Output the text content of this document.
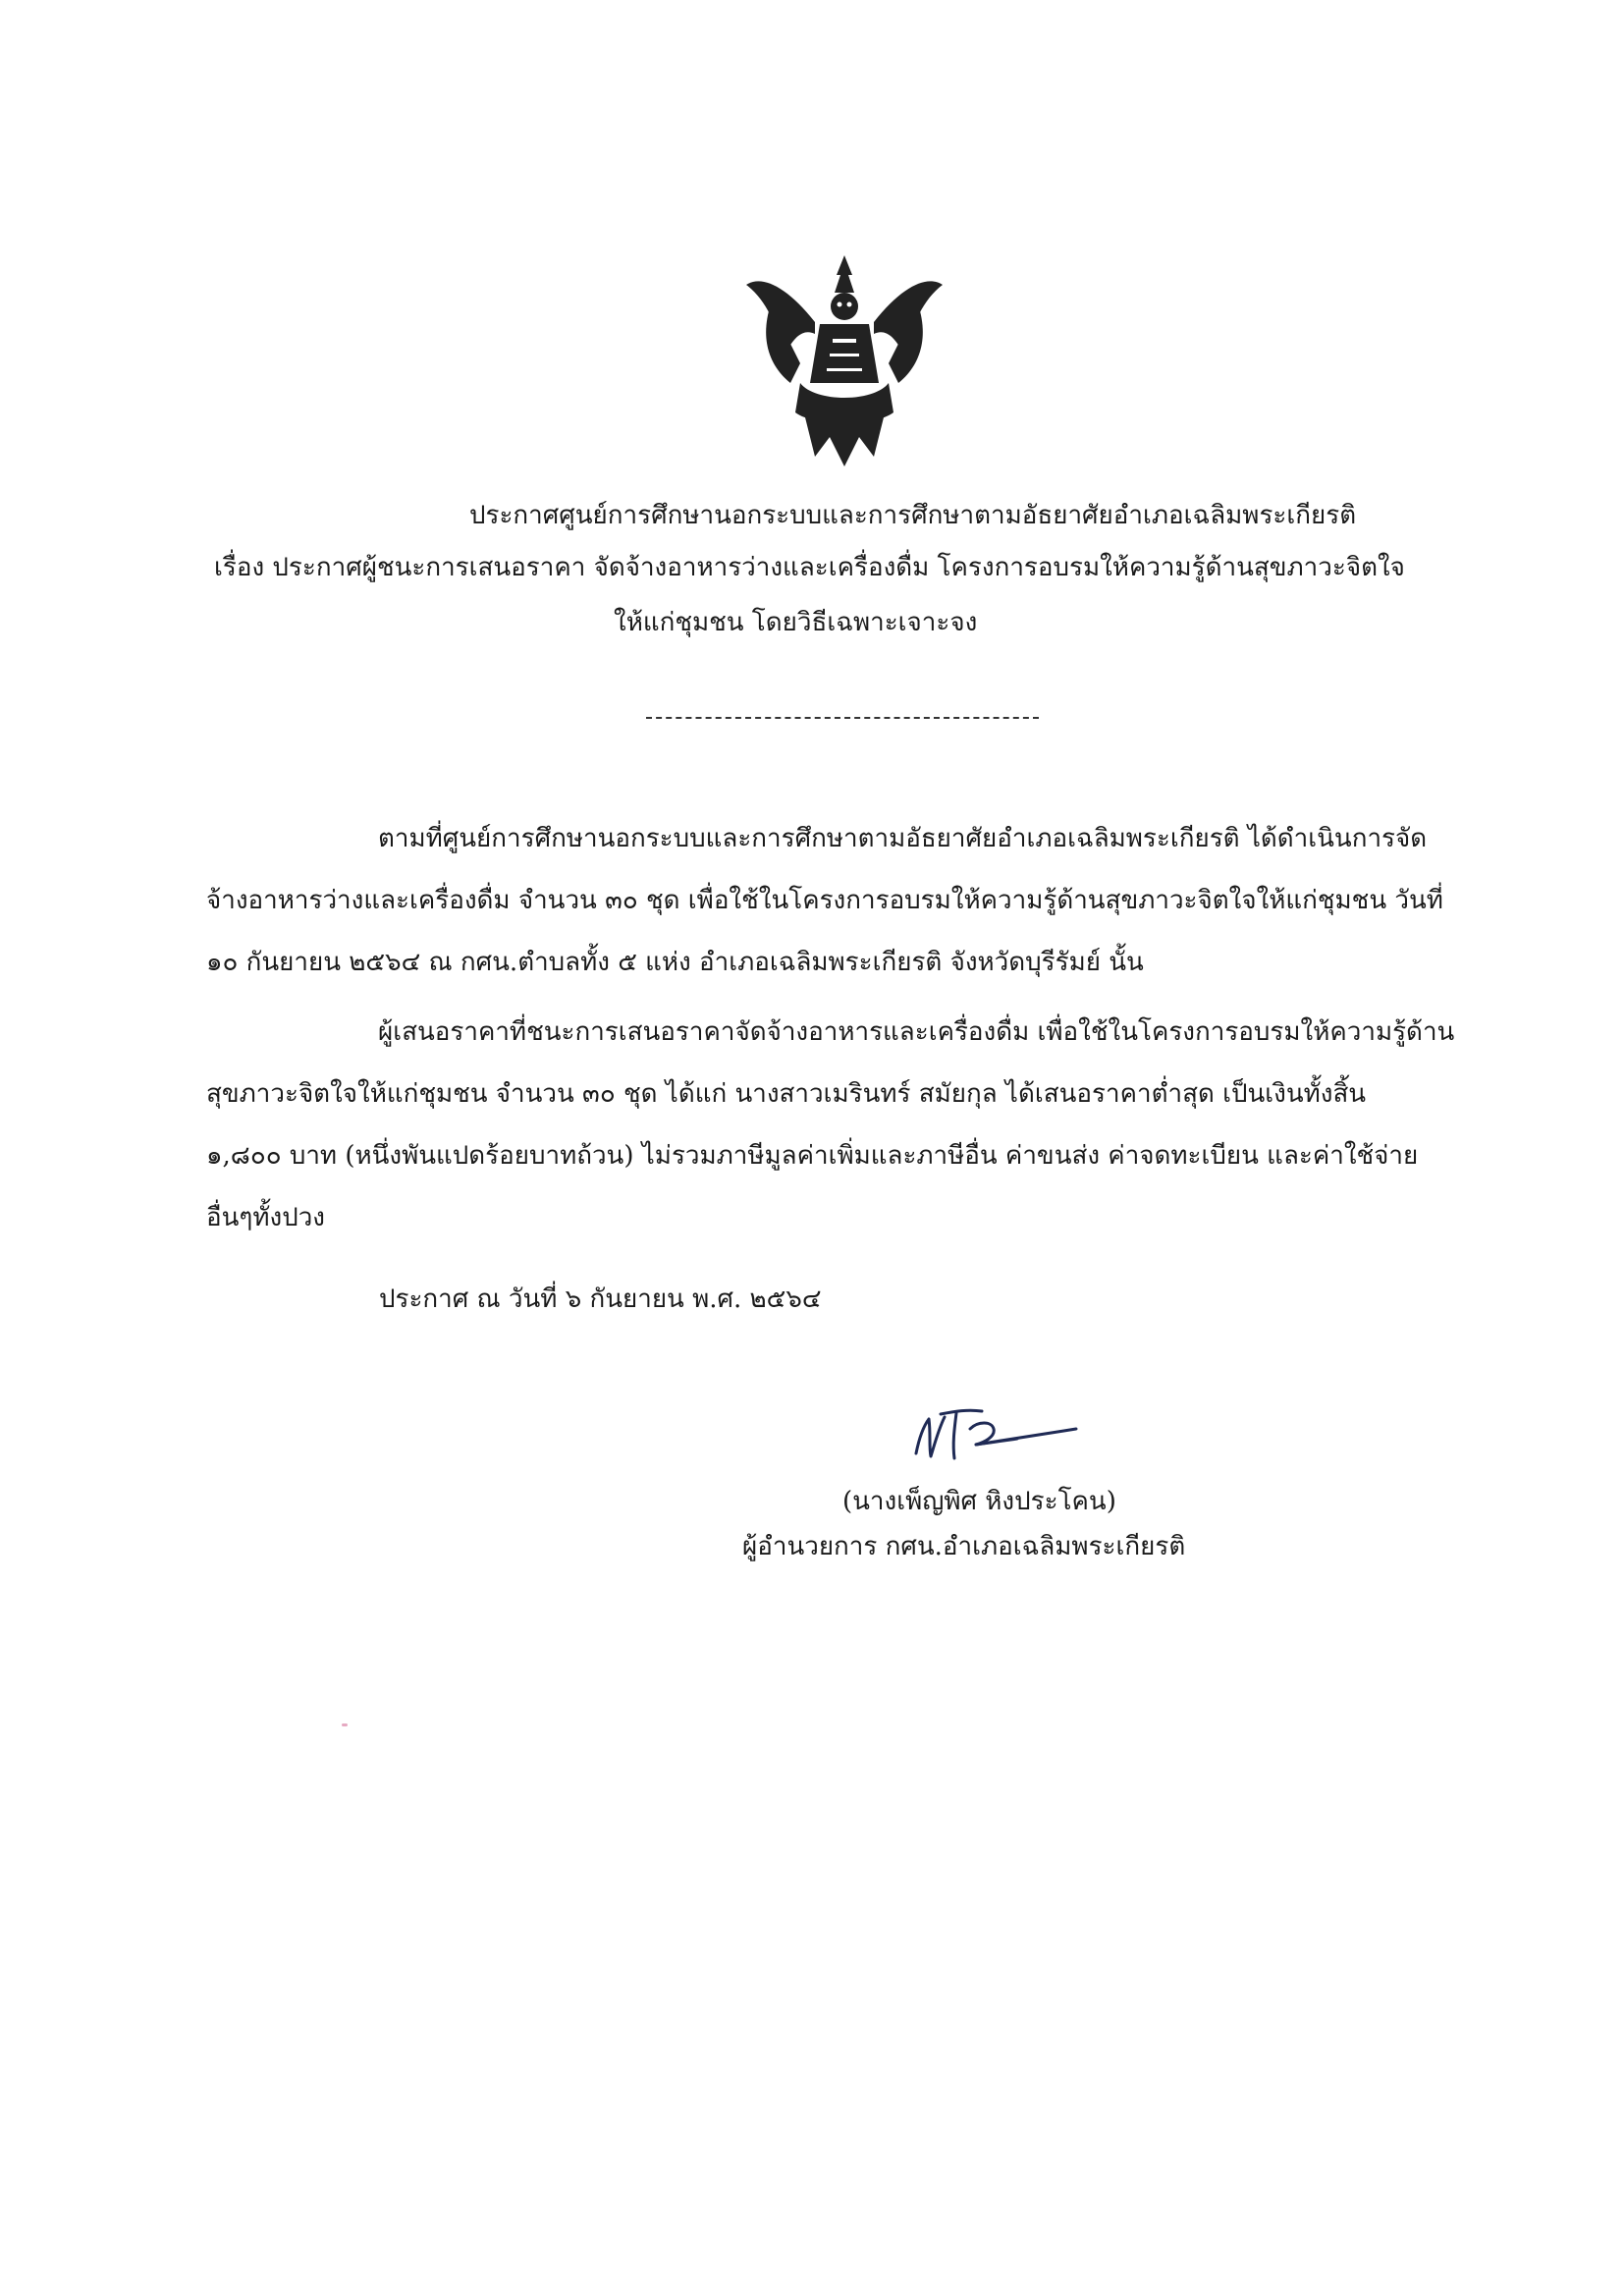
ประกาศศูนย์การศึกษานอกระบบและการศึกษาตามอัธยาศัยอำเภอเฉลิมพระเกียรติ
เรื่อง ประกาศผู้ชนะการเสนอราคา จัดจ้างอาหารว่างและเครื่องดื่ม โครงการอบรมให้ความรู้ด้านสุขภาวะจิตใจ
ให้แก่ชุมชน โดยวิธีเฉพาะเจาะจง
ตามที่ศูนย์การศึกษานอกระบบและการศึกษาตามอัธยาศัยอำเภอเฉลิมพระเกียรติ ได้ดำเนินการจัด
จ้างอาหารว่างและเครื่องดื่ม จำนวน ๓๐ ชุด เพื่อใช้ในโครงการอบรมให้ความรู้ด้านสุขภาวะจิตใจให้แก่ชุมชน วันที่
๑๐ กันยายน ๒๕๖๔ ณ กศน.ตำบลทั้ง ๕ แห่ง อำเภอเฉลิมพระเกียรติ จังหวัดบุรีรัมย์ นั้น
ผู้เสนอราคาที่ชนะการเสนอราคาจัดจ้างอาหารและเครื่องดื่ม เพื่อใช้ในโครงการอบรมให้ความรู้ด้าน
สุขภาวะจิตใจให้แก่ชุมชน จำนวน ๓๐ ชุด ได้แก่ นางสาวเมรินทร์ สมัยกุล ได้เสนอราคาต่ำสุด เป็นเงินทั้งสิ้น
๑,๘๐๐ บาท (หนึ่งพันแปดร้อยบาทถ้วน) ไม่รวมภาษีมูลค่าเพิ่มและภาษีอื่น ค่าขนส่ง ค่าจดทะเบียน และค่าใช้จ่าย
อื่นๆทั้งปวง
ประกาศ ณ วันที่ ๖ กันยายน พ.ศ. ๒๕๖๔
(นางเพ็ญพิศ หิงประโคน)
ผู้อำนวยการ กศน.อำเภอเฉลิมพระเกียรติ
